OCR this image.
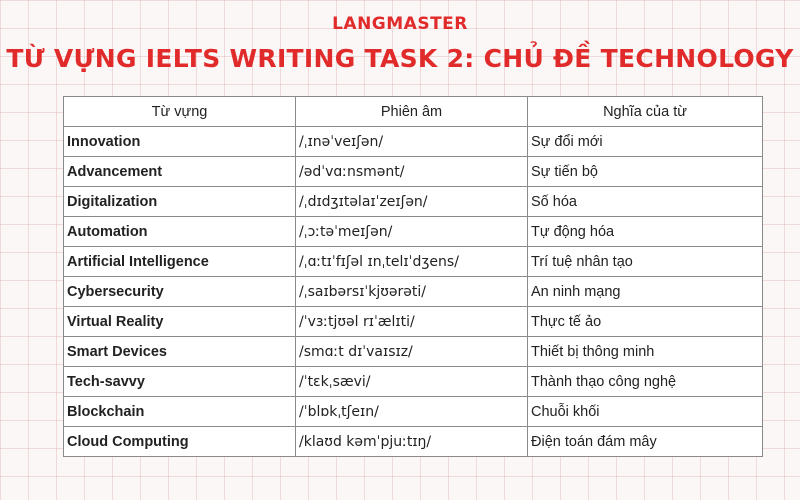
LANGMASTER
TỪ VỰNG IELTS WRITING TASK 2: CHỦ ĐỀ TECHNOLOGY
Từ vựng	Phiên âm	Nghĩa của từ
Innovation	/ˌɪnəˈveɪʃən/	Sự đổi mới
Advancement	/ədˈvɑːnsmənt/	Sự tiến bộ
Digitalization	/ˌdɪdʒɪtəlaɪˈzeɪʃən/	Số hóa
Automation	/ˌɔːtəˈmeɪʃən/	Tự động hóa
Artificial Intelligence	/ˌɑːtɪˈfɪʃəl ɪnˌtelɪˈdʒens/	Trí tuệ nhân tạo
Cybersecurity	/ˌsaɪbərsɪˈkjʊərəti/	An ninh mạng
Virtual Reality	/ˈvɜːtjʊəl rɪˈælɪti/	Thực tế ảo
Smart Devices	/smɑːt dɪˈvaɪsɪz/	Thiết bị thông minh
Tech-savvy	/ˈtɛkˌsævi/	Thành thạo công nghệ
Blockchain	/ˈblɒkˌtʃeɪn/	Chuỗi khối
Cloud Computing	/klaʊd kəmˈpjuːtɪŋ/	Điện toán đám mây
